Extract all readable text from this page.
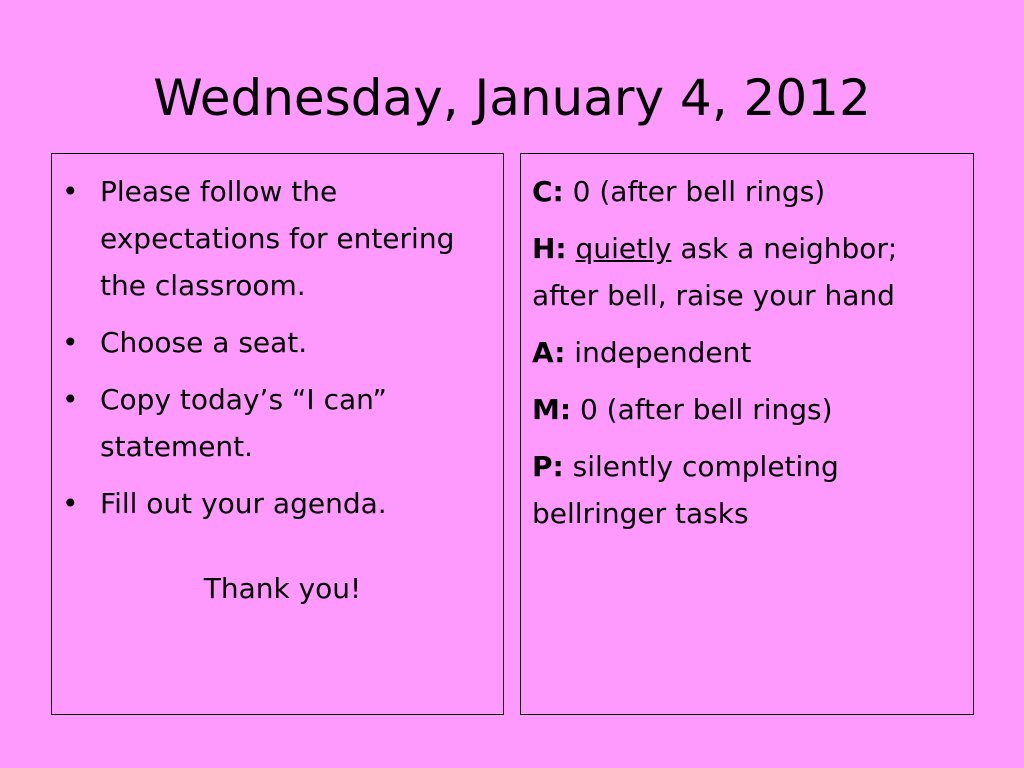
Wednesday, January 4, 2012
• Please follow the expectations for entering the classroom.
• Choose a seat.
• Copy today’s “I can” statement.
• Fill out your agenda.
Thank you!
C: 0 (after bell rings)
H: quietly ask a neighbor; after bell, raise your hand
A: independent
M: 0 (after bell rings)
P: silently completing bellringer tasks
